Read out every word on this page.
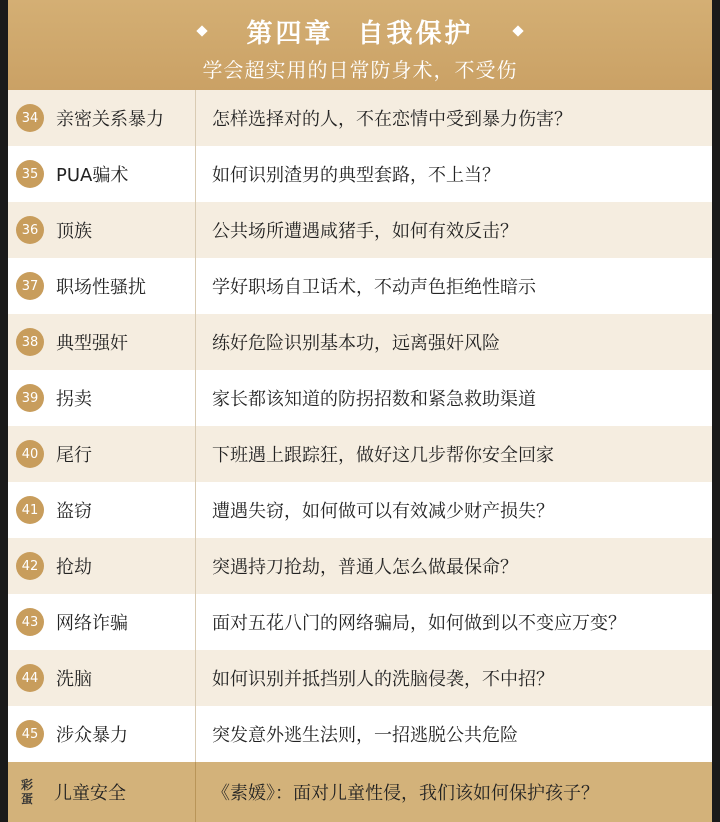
第四章  自我保护
学会超实用的日常防身术，不受伤
34 亲密关系暴力	怎样选择对的人，不在恋情中受到暴力伤害？
35 PUA骗术	如何识别渣男的典型套路，不上当？
36 顶族	公共场所遭遇咸猪手，如何有效反击？
37 职场性骚扰	学好职场自卫话术，不动声色拒绝性暗示
38 典型强奸	练好危险识别基本功，远离强奸风险
39 拐卖	家长都该知道的防拐招数和紧急救助渠道
40 尾行	下班遇上跟踪狂，做好这几步帮你安全回家
41 盗窃	遭遇失窃，如何做可以有效减少财产损失？
42 抢劫	突遇持刀抢劫，普通人怎么做最保命？
43 网络诈骗	面对五花八门的网络骗局，如何做到以不变应万变？
44 洗脑	如何识别并抵挡别人的洗脑侵袭，不中招？
45 涉众暴力	突发意外逃生法则，一招逃脱公共危险
彩
蛋 儿童安全	《素媛》：面对儿童性侵，我们该如何保护孩子？
